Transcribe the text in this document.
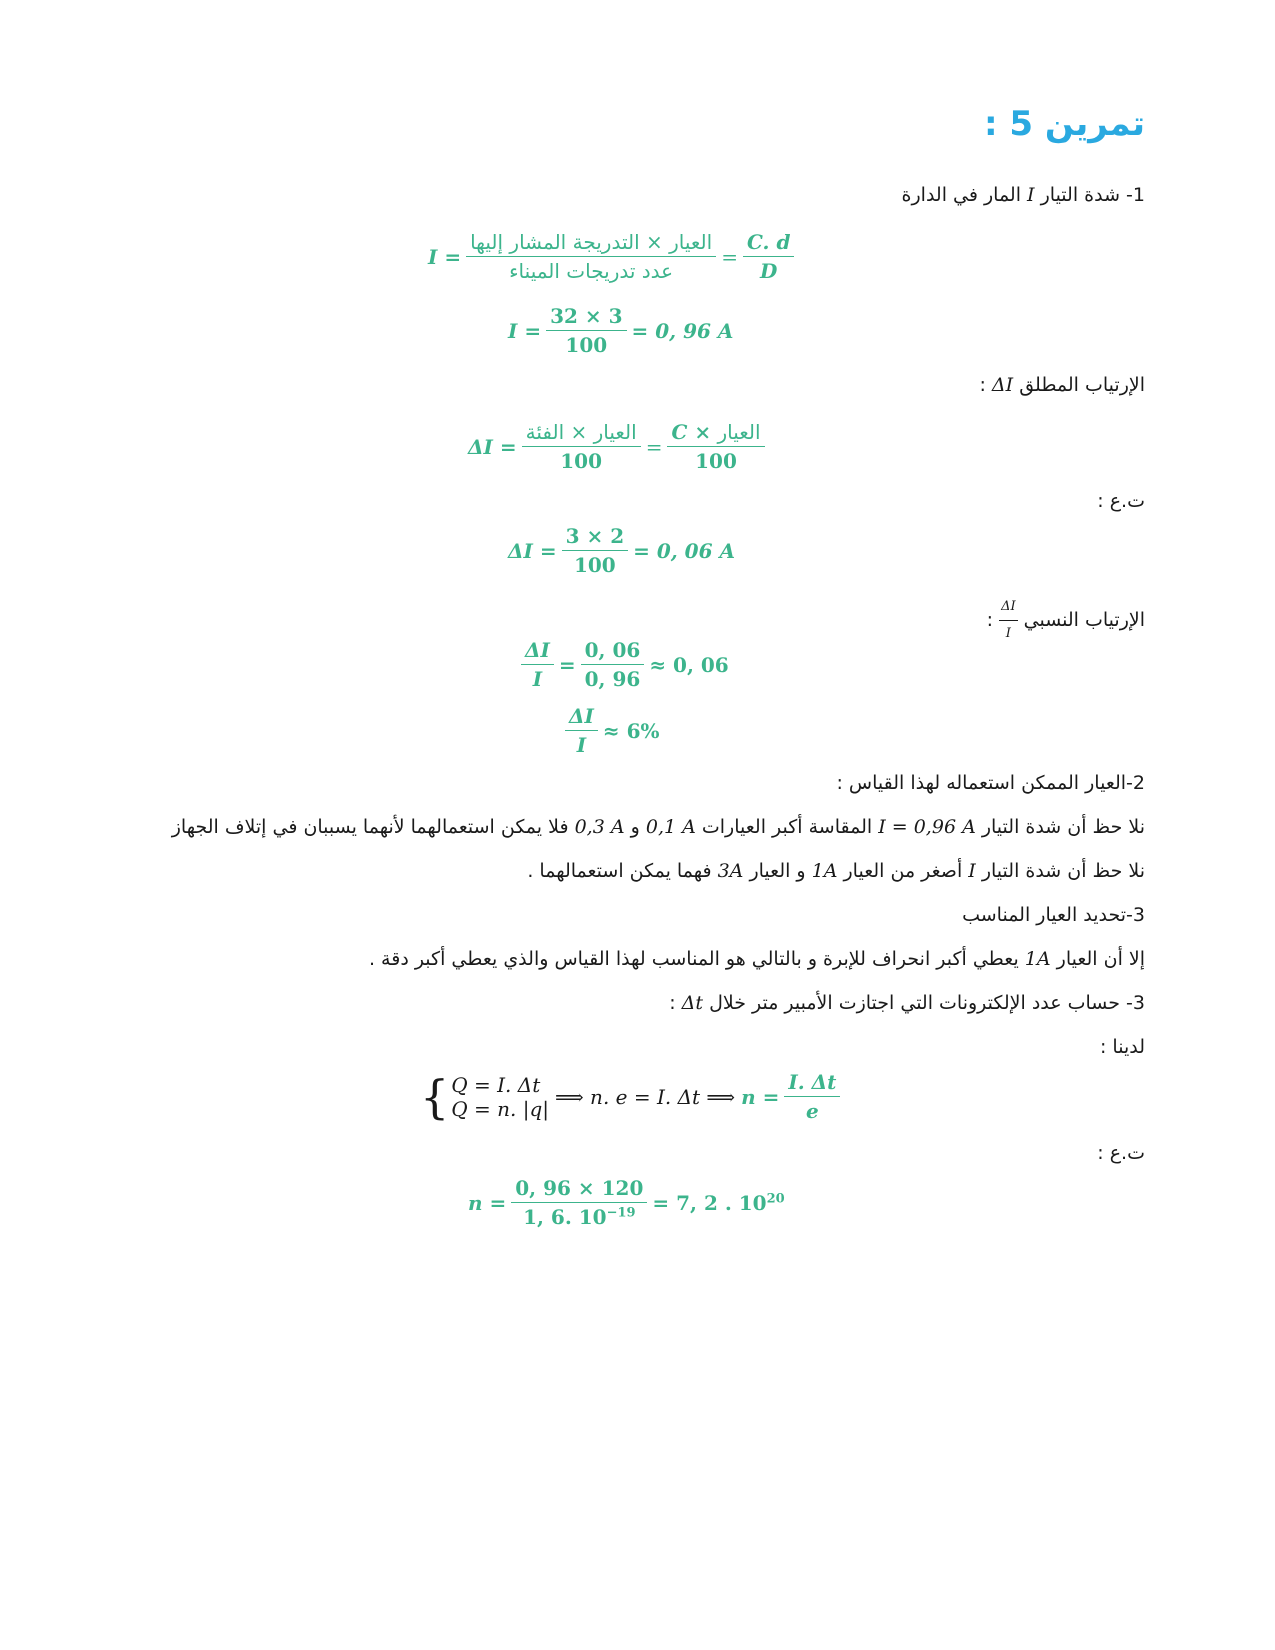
تمرين 5 :
1- شدة التيار I المار في الدارة
$I = \frac{\text{العيار × التدريجة المشار إليها}}{\text{عدد تدريجات الميناء}} = \frac{C. d}{D}$
$I = \frac{32 \times 3}{100} = 0$, 96 A
الإرتياب المطلق ΔI :
$\Delta I = \frac{\text{العيار × الفئة}}{100} = \frac{\text{C × العيار}}{100}$
ت.ع :
$\Delta I = \frac{3 \times 2}{100} = 0$, 06 A
الإرتياب النسبي
$\frac{\Delta I}{I}$
:
$\frac{\Delta I}{I} = \frac{0, 06}{0, 96} \approx 0$, 06
$\frac{\Delta I}{I} \approx 6\%$
2-العيار الممكن استعماله لهذا القياس :
نلا حظ أن شدة التيار I = 0,96 A المقاسة أكبر العيارات 0,1 A و 0,3 A فلا يمكن استعمالهما لأنهما يسببان في إتلاف الجهاز
نلا حظ أن شدة التيار I أصغر من العيار 1A و العيار 3A فهما يمكن استعمالهما .
3-تحديد العيار المناسب
إلا أن العيار 1A يعطي أكبر انحراف للإبرة و بالتالي هو المناسب لهذا القياس والذي يعطي أكبر دقة .
3- حساب عدد الإلكترونات التي اجتازت الأمبير متر خلال Δt :
لدينا :
{ Q = I. Δt
Q = n. |q| ⟹ n. e = I. Δt ⟹ $n = \frac{I. \Delta t}{e}$
ت.ع :
$n = \frac{0, 96 \times 120}{1, 6. 10^{-19}} = 7$, 2 . $10^{20}$
